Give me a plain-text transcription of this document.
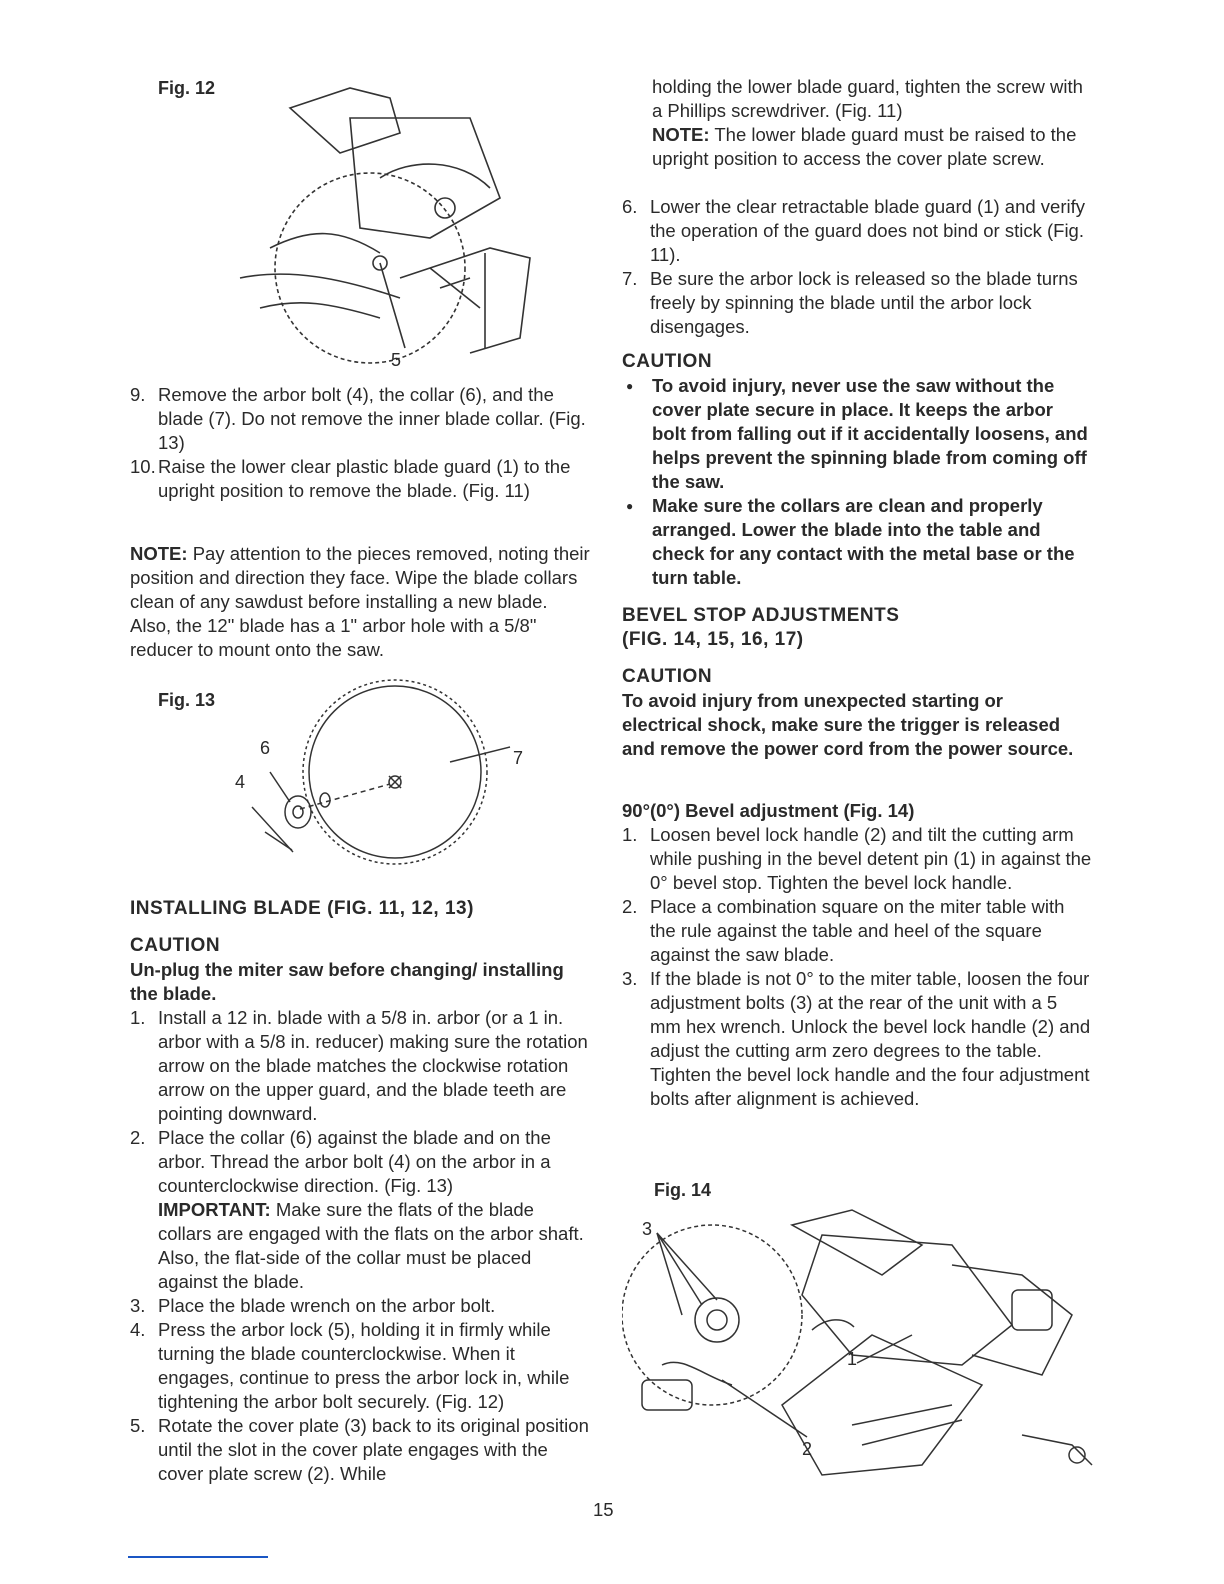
Fig. 12
5
9. Remove the arbor bolt (4), the collar (6), and the blade (7). Do not remove the inner blade collar. (Fig. 13)
10. Raise the lower clear plastic blade guard (1) to the upright position to remove the blade. (Fig. 11)
NOTE: Pay attention to the pieces removed, noting their position and direction they face. Wipe the blade collars clean of any sawdust before installing a new blade. Also, the 12" blade has a 1" arbor hole with a 5/8" reducer to mount onto the saw.
Fig. 13
6
4
7
INSTALLING BLADE (FIG. 11, 12, 13)
CAUTION
Un-plug the miter saw before changing/ installing the blade.
1. Install a 12 in. blade with a 5/8 in. arbor (or a 1 in. arbor with a 5/8 in. reducer) making sure the rotation arrow on the blade matches the clockwise rotation arrow on the upper guard, and the blade teeth are pointing downward.
2. Place the collar (6) against the blade and on the arbor. Thread the arbor bolt (4) on the arbor in a counterclockwise direction. (Fig. 13)
IMPORTANT: Make sure the flats of the blade collars are engaged with the flats on the arbor shaft. Also, the flat-side of the collar must be placed against the blade.
3. Place the blade wrench on the arbor bolt.
4. Press the arbor lock (5), holding it in firmly while turning the blade counterclockwise. When it engages, continue to press the arbor lock in, while tightening the arbor bolt securely. (Fig. 12)
5. Rotate the cover plate (3) back to its original position until the slot in the cover plate engages with the cover plate screw (2). While
holding the lower blade guard, tighten the screw with a Phillips screwdriver. (Fig. 11)
NOTE: The lower blade guard must be raised to the upright position to access the cover plate screw.
6. Lower the clear retractable blade guard (1) and verify the operation of the guard does not bind or stick (Fig. 11).
7. Be sure the arbor lock is released so the blade turns freely by spinning the blade until the arbor lock disengages.
CAUTION
● To avoid injury, never use the saw without the cover plate secure in place. It keeps the arbor bolt from falling out if it accidentally loosens, and helps prevent the spinning blade from coming off the saw.
● Make sure the collars are clean and properly arranged. Lower the blade into the table and check for any contact with the metal base or the turn table.
BEVEL STOP ADJUSTMENTS
(FIG. 14, 15, 16, 17)
CAUTION
To avoid injury from unexpected starting or electrical shock, make sure the trigger is released and remove the power cord from the power source.
90°(0°) Bevel adjustment (Fig. 14)
1. Loosen bevel lock handle (2) and tilt the cutting arm while pushing in the bevel detent pin (1) in against the 0° bevel stop. Tighten the bevel lock handle.
2. Place a combination square on the miter table with the rule against the table and heel of the square against the saw blade.
3. If the blade is not 0° to the miter table, loosen the four adjustment bolts (3) at the rear of the unit with a 5 mm hex wrench. Unlock the bevel lock handle (2) and adjust the cutting arm zero degrees to the table. Tighten the bevel lock handle and the four adjustment bolts after alignment is achieved.
Fig. 14
3
1
2
15
